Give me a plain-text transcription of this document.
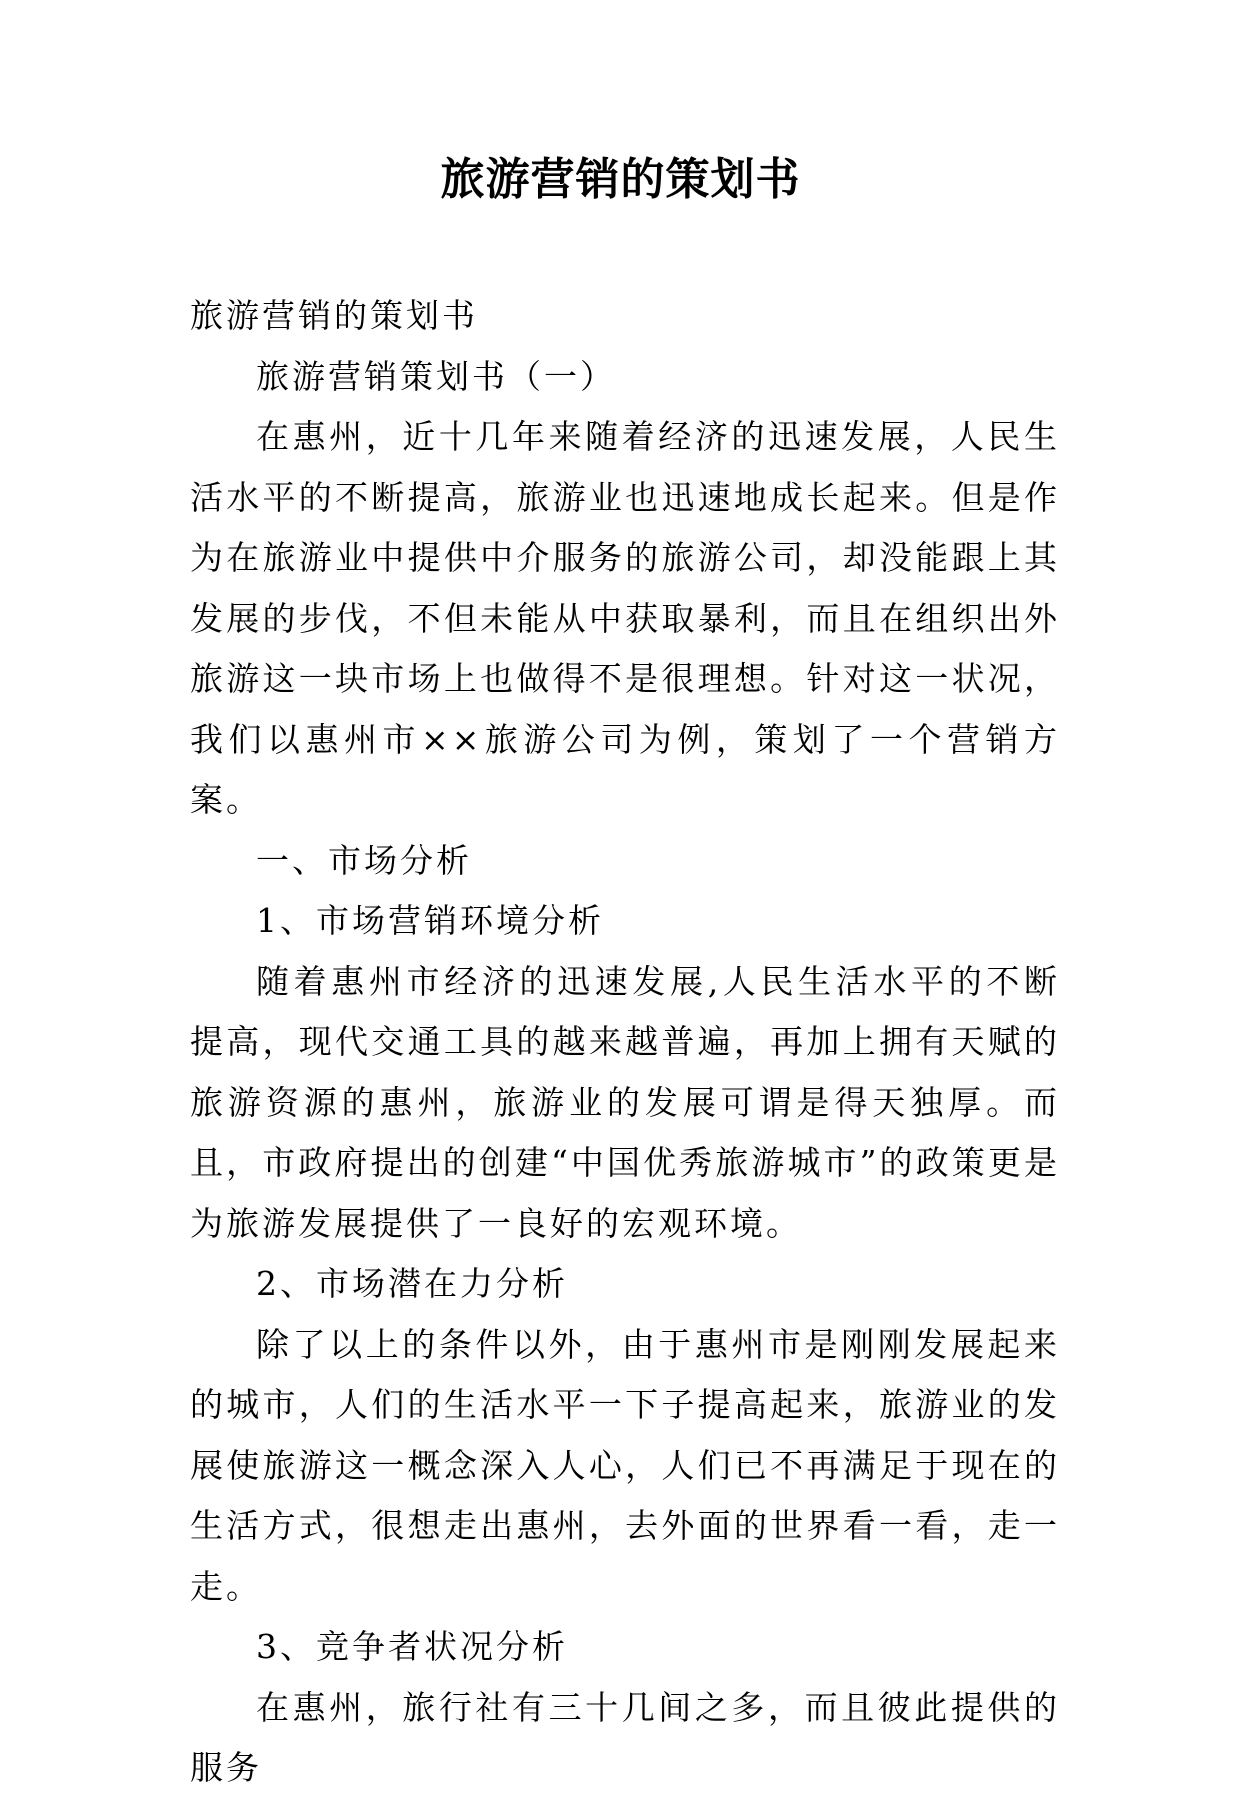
旅游营销的策划书

旅游营销的策划书

旅游营销策划书（一）

在惠州，近十几年来随着经济的迅速发展，人民生活水平的不断提高，旅游业也迅速地成长起来。但是作为在旅游业中提供中介服务的旅游公司，却没能跟上其发展的步伐，不但未能从中获取暴利，而且在组织出外旅游这一块市场上也做得不是很理想。针对这一状况，我们以惠州市××旅游公司为例，策划了一个营销方案。

一、市场分析

1、市场营销环境分析

随着惠州市经济的迅速发展,人民生活水平的不断提高，现代交通工具的越来越普遍，再加上拥有天赋的旅游资源的惠州，旅游业的发展可谓是得天独厚。而且，市政府提出的创建“中国优秀旅游城市”的政策更是为旅游发展提供了一良好的宏观环境。

2、市场潜在力分析

除了以上的条件以外，由于惠州市是刚刚发展起来的城市，人们的生活水平一下子提高起来，旅游业的发展使旅游这一概念深入人心，人们已不再满足于现在的生活方式，很想走出惠州，去外面的世界看一看，走一走。

3、竞争者状况分析

在惠州，旅行社有三十几间之多，而且彼此提供的服务
